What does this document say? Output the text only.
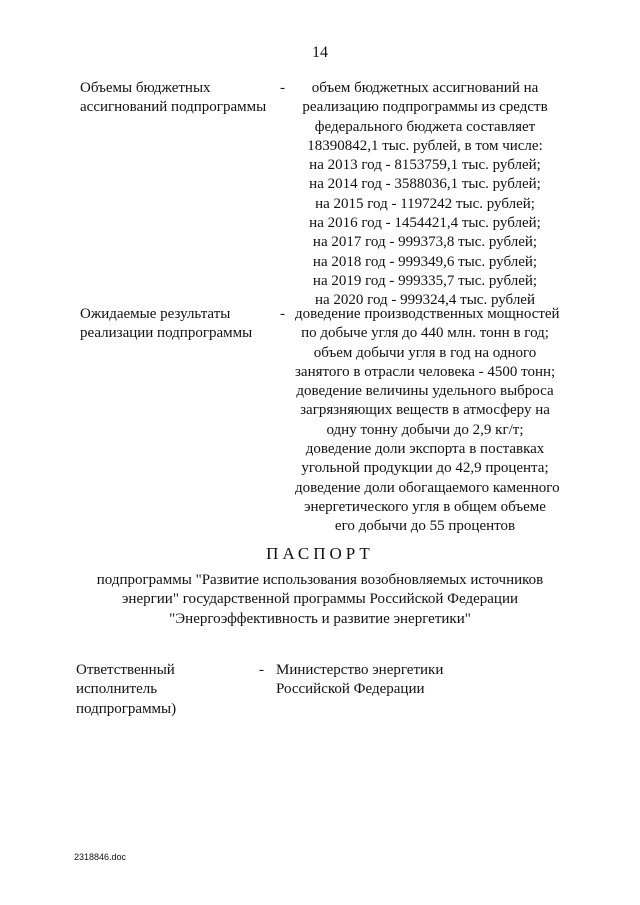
14
Объемы бюджетных
ассигнований подпрограммы
-	объем бюджетных ассигнований на
реализацию подпрограммы из средств
федерального бюджета составляет
18390842,1 тыс. рублей, в том числе:
на 2013 год - 8153759,1 тыс. рублей;
на 2014 год - 3588036,1 тыс. рублей;
на 2015 год - 1197242 тыс. рублей;
на 2016 год - 1454421,4 тыс. рублей;
на 2017 год - 999373,8 тыс. рублей;
на 2018 год - 999349,6 тыс. рублей;
на 2019 год - 999335,7 тыс. рублей;
на 2020 год - 999324,4 тыс. рублей
Ожидаемые результаты
реализации подпрограммы
- доведение производственных мощностей
по добыче угля до 440 млн. тонн в год;
объем добычи угля в год на одного
занятого в отрасли человека - 4500 тонн;
доведение величины удельного выброса
загрязняющих веществ в атмосферу на
одну тонну добычи до 2,9 кг/т;
доведение доли экспорта в поставках
угольной продукции до 42,9 процента;
доведение доли обогащаемого каменного
энергетического угля в общем объеме
его добычи до 55 процентов
ПАСПОРТ
подпрограммы "Развитие использования возобновляемых источников
энергии" государственной программы Российской Федерации
"Энергоэффективность и развитие энергетики"
Ответственный
исполнитель
подпрограммы)
- Министерство энергетики
Российской Федерации
2318846.doc
